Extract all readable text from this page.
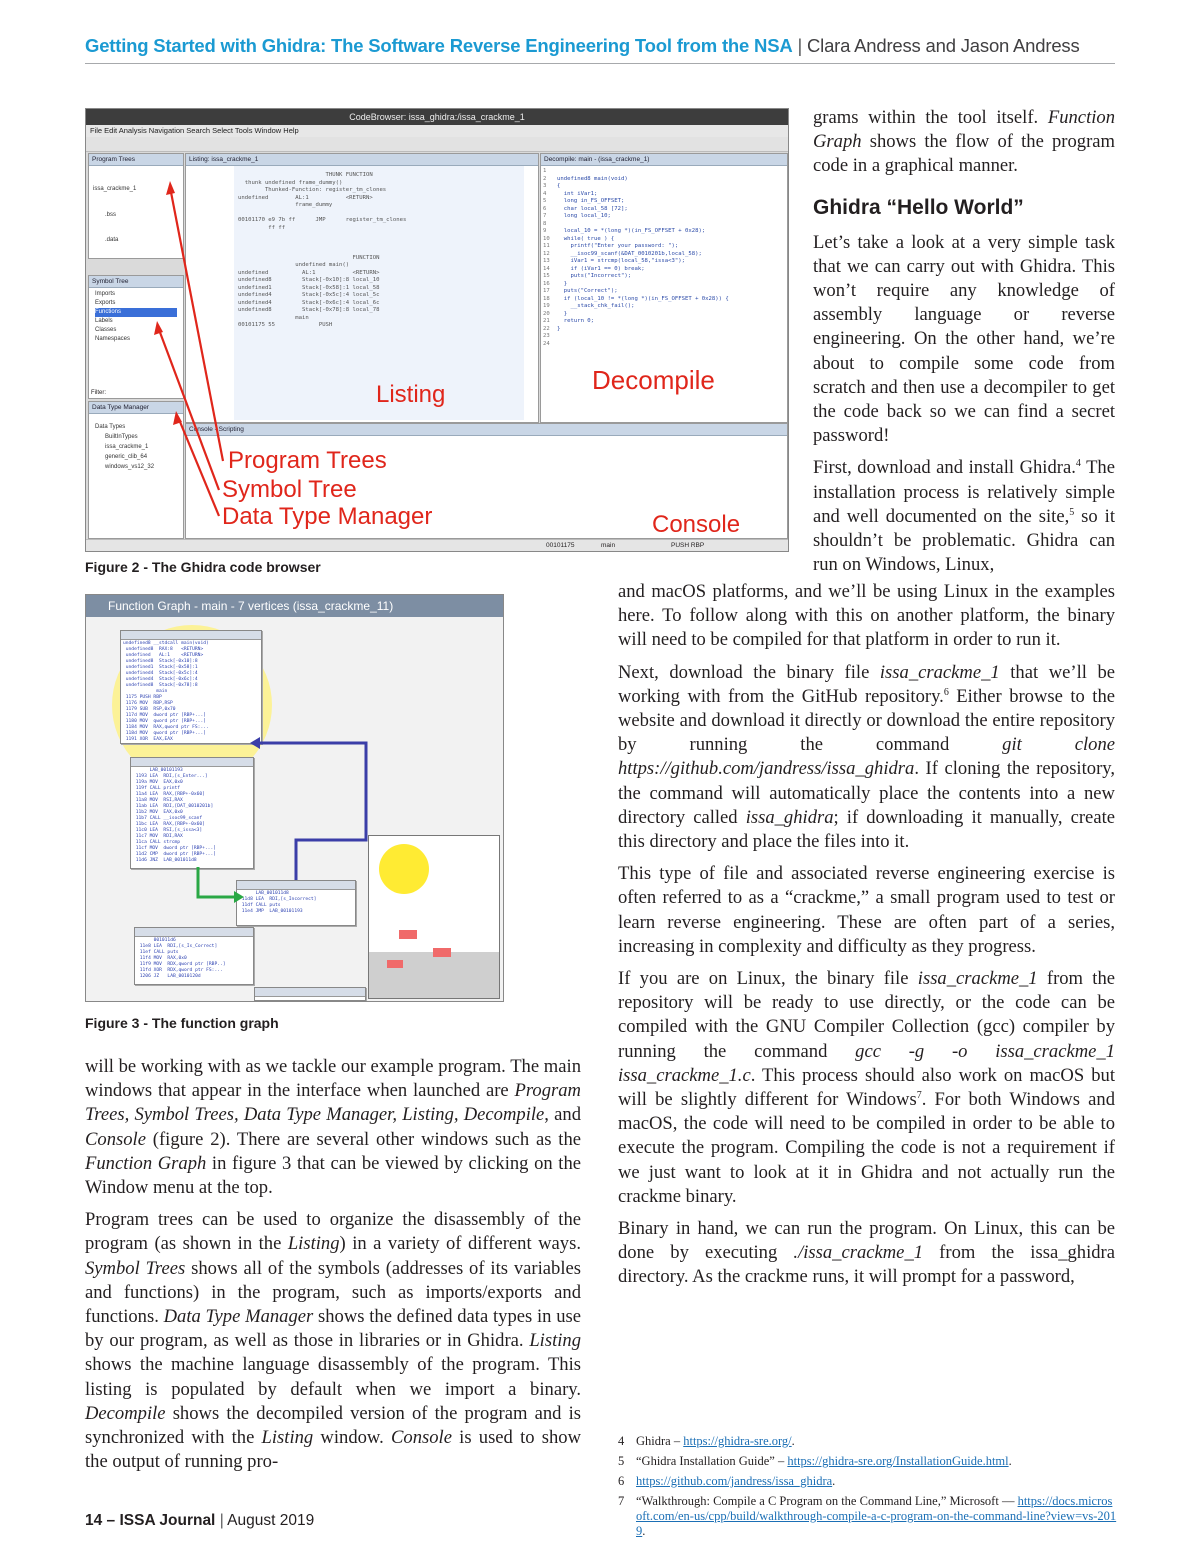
Getting Started with Ghidra: The Software Reverse Engineering Tool from the NSA | Clara Andress and Jason Andress
CodeBrowser: issa_ghidra:/issa_crackme_1
File Edit Analysis Navigation Search Select Tools Window Help
Program Trees

issa_crackme_1

.bss

.data

Symbol Tree
Imports
Exports
Functions
Labels
Classes
Namespaces
Filter:
Data Type Manager
Data Types
BuiltInTypes
issa_crackme_1
generic_clib_64
windows_vs12_32
Listing: issa_crackme_1
THUNK FUNCTION
thunk undefined frame_dummy()
Thunked-Function: register_tm_clones
undefined        AL:1           <RETURN>
frame_dummy

00101170 e9 7b ff      JMP      register_tm_clones
ff ff

FUNCTION
undefined main()
undefined          AL:1           <RETURN>
undefined8         Stack[-0x10]:8 local_10
undefined1         Stack[-0x58]:1 local_58
undefined4         Stack[-0x5c]:4 local_5c
undefined4         Stack[-0x6c]:4 local_6c
undefined8         Stack[-0x78]:8 local_78
main
00101175 55             PUSH
Decompile: main - (issa_crackme_1)
1
2
3
4
5
6
7
8
9
10
11
12
13
14
15
16
17
18
19
20
21
22
23
24

undefined8 main(void)
{
int iVar1;
long in_FS_OFFSET;
char local_58 [72];
long local_10;

local_10 = *(long *)(in_FS_OFFSET + 0x28);
while( true ) {
printf("Enter your password: ");
__isoc99_scanf(&DAT_0010201b,local_58);
iVar1 = strcmp(local_58,"issa<3");
if (iVar1 == 0) break;
puts("Incorrect");
}
puts("Correct");
if (local_10 != *(long *)(in_FS_OFFSET + 0x28)) {
__stack_chk_fail();
}
return 0;
}
Console - Scripting
00101175	main	PUSH RBP
Program Trees
Symbol Tree
Data Type Manager
Listing	Decompile
Console
Figure 2 - The Ghidra code browser
Function Graph - main - 7 vertices (issa_crackme_11)
undefined8 __stdcall main(void)
undefined8  RAX:8   <RETURN>
undefined   AL:1    <RETURN>
undefined8  Stack[-0x10]:8
undefined1  Stack[-0x58]:1
undefined4  Stack[-0x5c]:4
undefined4  Stack[-0x6c]:4
undefined8  Stack[-0x78]:8
main
1175 PUSH RBP
1176 MOV  RBP,RSP
1179 SUB  RSP,0x70
117d MOV  dword ptr [RBP+...]
1180 MOV  qword ptr [RBP+...]
1184 MOV  RAX,qword ptr FS:...
118d MOV  qword ptr [RBP+...]
1191 XOR  EAX,EAX
LAB_00101193
1193 LEA  RDI,[s_Enter...]
119a MOV  EAX,0x0
119f CALL printf
11a4 LEA  RAX,[RBP+-0x60]
11a8 MOV  RSI,RAX
11ab LEA  RDI,[DAT_0010201b]
11b2 MOV  EAX,0x0
11b7 CALL __isoc99_scanf
11bc LEA  RAX,[RBP+-0x60]
11c0 LEA  RSI,[s_issa<3]
11c7 MOV  RDI,RAX
11ca CALL strcmp
11cf MOV  dword ptr [RBP+...]
11d2 CMP  dword ptr [RBP+...]
11d6 JNZ  LAB_001011d8
LAB_001011d8
11d8 LEA  RDI,[s_Incorrect]
11df CALL puts
11e4 JMP  LAB_00101193
001011d6
11e8 LEA  RDI,[s_Is_Correct]
11ef CALL puts
11f4 MOV  RAX,0x0
11f9 MOV  RDX,qword ptr [RBP..]
11fd XOR  RDX,qword ptr FS:...
1206 JZ   LAB_0010120d
Figure 3 - The function graph

will be working with as we tackle our example program. The main windows that appear in the interface when launched are Program Trees, Symbol Trees, Data Type Manager, Listing, Decompile, and Console (figure 2). There are several other windows such as the Function Graph in figure 3 that can be viewed by clicking on the Window menu at the top.

Program trees can be used to organize the disassembly of the program (as shown in the Listing) in a variety of different ways. Symbol Trees shows all of the symbols (addresses of its variables and functions) in the program, such as imports/exports and functions. Data Type Manager shows the defined data types in use by our program, as well as those in libraries or in Ghidra. Listing shows the machine language disassembly of the program. This listing is populated by default when we import a binary. Decompile shows the decompiled version of the program and is synchronized with the Listing window. Console is used to show the output of running pro-

grams within the tool itself. Function Graph shows the flow of the program code in a graphical manner.

Ghidra “Hello World”

Let’s take a look at a very simple task that we can carry out with Ghidra. This won’t require any knowledge of assembly language or reverse engineering. On the other hand, we’re about to compile some code from scratch and then use a decompiler to get the code back so we can find a secret password!

First, download and install Ghidra.$^4$ The installation process is relatively simple and well documented on the site,$^5$ so it shouldn’t be problematic. Ghidra can run on Windows, Linux,

and macOS platforms, and we’ll be using Linux in the examples here. To follow along with this on another platform, the binary will need to be compiled for that platform in order to run it.

Next, download the binary file issa_crackme_1 that we’ll be working with from the GitHub repository.$^6$ Either browse to the website and download it directly or download the entire repository by running the command git clone https://github.com/jandress/issa_ghidra. If cloning the repository, the command will automatically place the contents into a new directory called issa_ghidra; if downloading it manually, create this directory and place the files into it.

This type of file and associated reverse engineering exercise is often referred to as a “crackme,” a small program used to test or learn reverse engineering. These are often part of a series, increasing in complexity and difficulty as they progress.

If you are on Linux, the binary file issa_crackme_1 from the repository will be ready to use directly, or the code can be compiled with the GNU Compiler Collection (gcc) compiler by running the command gcc -g -o issa_crackme_1 issa_crackme_1.c. This process should also work on macOS but will be slightly different for Windows$^7$. For both Windows and macOS, the code will need to be compiled in order to be able to execute the program. Compiling the code is not a requirement if we just want to look at it in Ghidra and not actually run the crackme binary.

Binary in hand, we can run the program. On Linux, this can be done by executing ./issa_crackme_1 from the issa_ghidra directory. As the crackme runs, it will prompt for a password,

4 Ghidra – https://ghidra-sre.org/.
5 “Ghidra Installation Guide” – https://ghidra-sre.org/InstallationGuide.html.
6 https://github.com/jandress/issa_ghidra.
7 “Walkthrough: Compile a C Program on the Command Line,” Microsoft — https://docs.microsoft.com/en-us/cpp/build/walkthrough-compile-a-c-program-on-the-command-line?view=vs-2019.
14 – ISSA Journal | August 2019
